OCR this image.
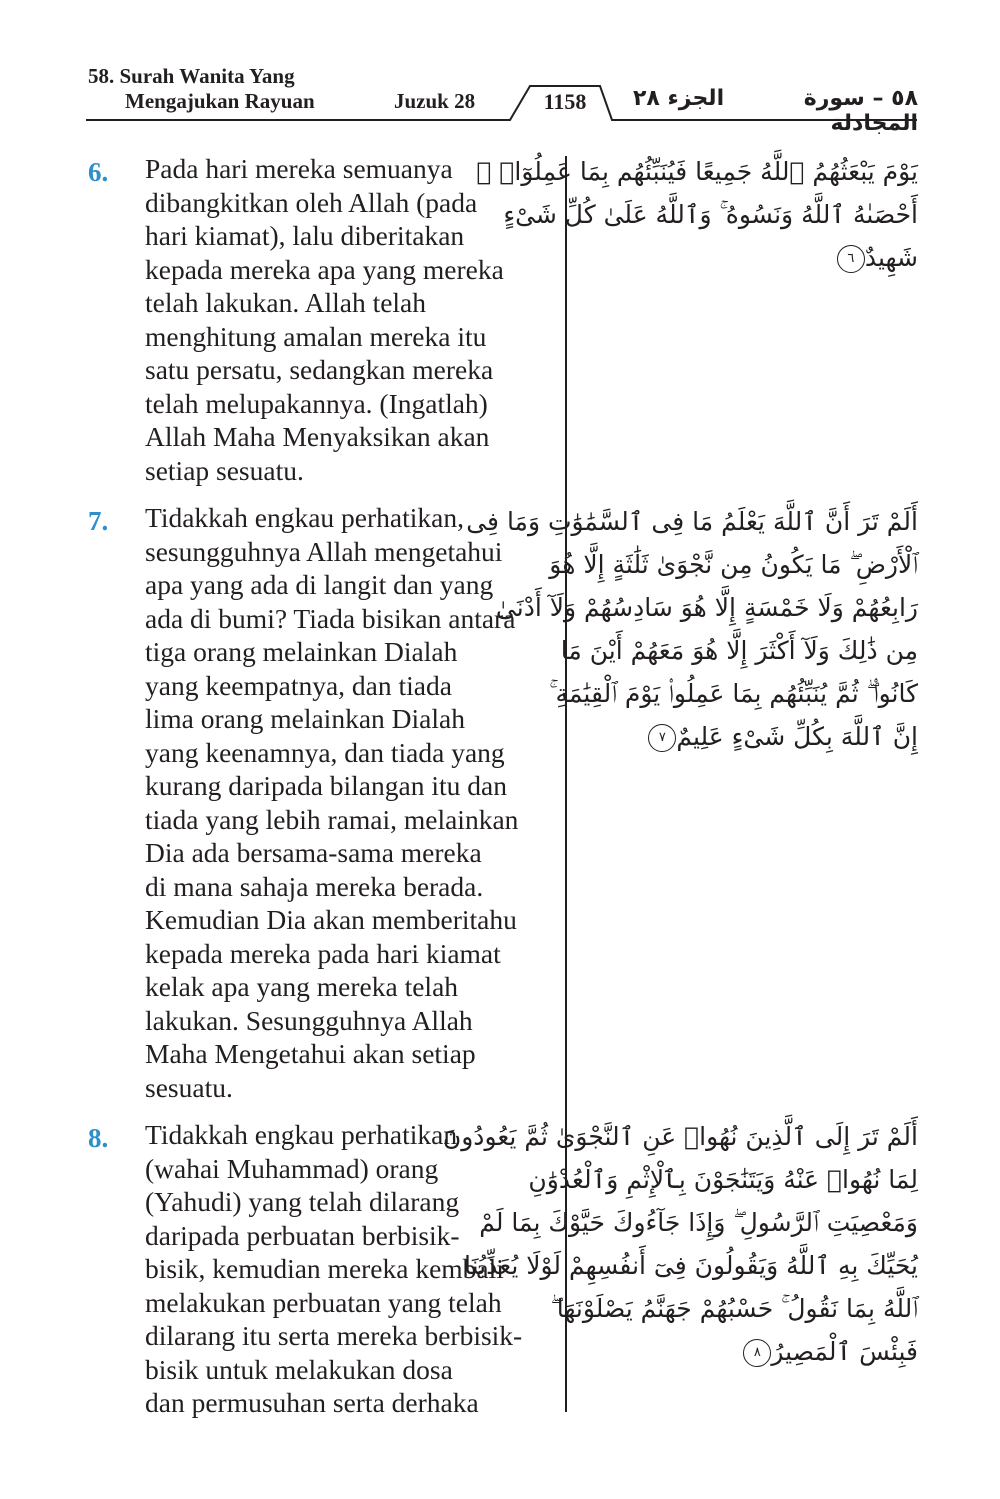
58. Surah Wanita Yang
Mengajukan Rayuan	Juzuk 28	1158	الجزء ٢٨	٥٨ – سورة المجادلة
6. Pada hari mereka semuanya
dibangkitkan oleh Allah (pada
hari kiamat), lalu diberitakan
kepada mereka apa yang mereka
telah lakukan. Allah telah
menghitung amalan mereka itu
satu persatu, sedangkan mereka
telah melupakannya. (Ingatlah)
Allah Maha Menyaksikan akan
setiap sesuatu.
يَوْمَ يَبْعَثُهُمُ ٱللَّهُ جَمِيعًا فَيُنَبِّئُهُم بِمَا عَمِلُوٓا۟ ۚ
أَحْصَىٰهُ ٱللَّهُ وَنَسُوهُ ۚ وَٱللَّهُ عَلَىٰ كُلِّ شَىْءٍ
شَهِيدٌ٦
7. Tidakkah engkau perhatikan,
sesungguhnya Allah mengetahui
apa yang ada di langit dan yang
ada di bumi? Tiada bisikan antara
tiga orang melainkan Dialah
yang keempatnya, dan tiada
lima orang melainkan Dialah
yang keenamnya, dan tiada yang
kurang daripada bilangan itu dan
tiada yang lebih ramai, melainkan
Dia ada bersama-sama mereka
di mana sahaja mereka berada.
Kemudian Dia akan memberitahu
kepada mereka pada hari kiamat
kelak apa yang mereka telah
lakukan. Sesungguhnya Allah
Maha Mengetahui akan setiap
sesuatu.
أَلَمْ تَرَ أَنَّ ٱللَّهَ يَعْلَمُ مَا فِى ٱلسَّمَٰوَٰتِ وَمَا فِى
ٱلْأَرْضِ ۖ مَا يَكُونُ مِن نَّجْوَىٰ ثَلَٰثَةٍ إِلَّا هُوَ
رَابِعُهُمْ وَلَا خَمْسَةٍ إِلَّا هُوَ سَادِسُهُمْ وَلَآ أَدْنَىٰ
مِن ذَٰلِكَ وَلَآ أَكْثَرَ إِلَّا هُوَ مَعَهُمْ أَيْنَ مَا
كَانُوا۟ ۖ ثُمَّ يُنَبِّئُهُم بِمَا عَمِلُوا۟ يَوْمَ ٱلْقِيَٰمَةِ ۚ
إِنَّ ٱللَّهَ بِكُلِّ شَىْءٍ عَلِيمٌ٧
8. Tidakkah engkau perhatikan
(wahai Muhammad) orang
(Yahudi) yang telah dilarang
daripada perbuatan berbisik-
bisik, kemudian mereka kembali
melakukan perbuatan yang telah
dilarang itu serta mereka berbisik-
bisik untuk melakukan dosa
dan permusuhan serta derhaka
أَلَمْ تَرَ إِلَى ٱلَّذِينَ نُهُوا۟ عَنِ ٱلنَّجْوَىٰ ثُمَّ يَعُودُونَ
لِمَا نُهُوا۟ عَنْهُ وَيَتَنَٰجَوْنَ بِٱلْإِثْمِ وَٱلْعُدْوَٰنِ
وَمَعْصِيَتِ ٱلرَّسُولِ ۖ وَإِذَا جَآءُوكَ حَيَّوْكَ بِمَا لَمْ
يُحَيِّكَ بِهِ ٱللَّهُ وَيَقُولُونَ فِىٓ أَنفُسِهِمْ لَوْلَا يُعَذِّبُنَا
ٱللَّهُ بِمَا نَقُولُ ۚ حَسْبُهُمْ جَهَنَّمُ يَصْلَوْنَهَا ۖ
فَبِئْسَ ٱلْمَصِيرُ٨
